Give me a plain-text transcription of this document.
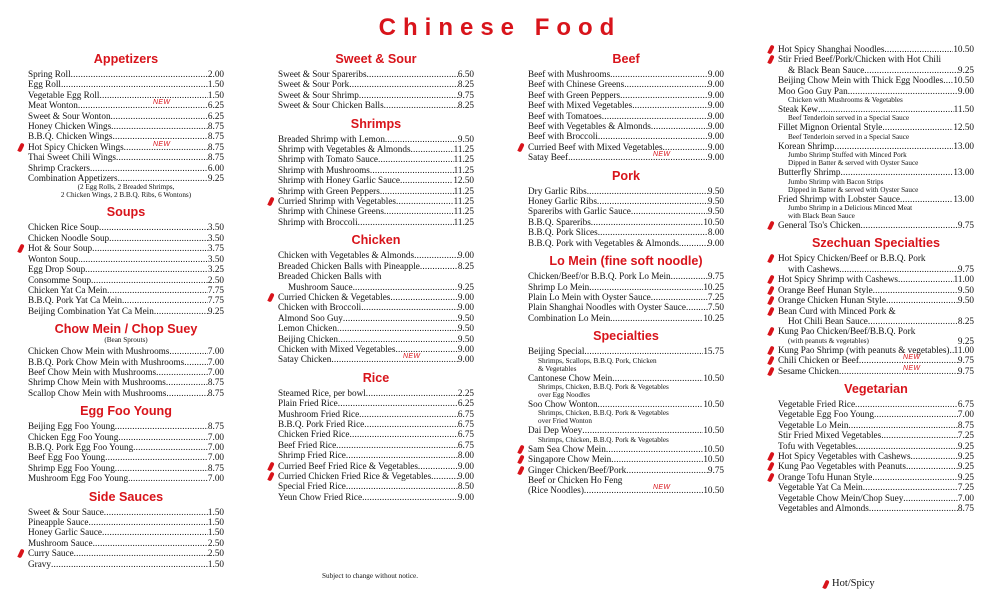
Chinese Food
Appetizers
Spring Roll .....	2.00
Egg Roll .....	1.50
Vegetable Egg Roll .....	1.50
Meat Wonton .....	6.25
NEW
Sweet & Sour Wonton .....	6.25
Honey Chicken Wings .....	8.75
B.B.Q. Chicken Wings .....	8.75
Hot Spicy Chicken Wings .....	8.75
NEW
Thai Sweet Chili Wings .....	8.75
Shrimp Crackers .....	6.00
Combination Appetizers .....	9.25
(2 Egg Rolls, 2 Breaded Shrimps,
2 Chicken Wings, 2 B.B.Q. Ribs, 6 Wontons)
Soups
Chicken Rice Soup .....	3.50
Chicken Noodle Soup .....	3.50
Hot & Sour Soup .....	3.75
Wonton Soup .....	3.50
Egg Drop Soup .....	3.25
Consomme Soup .....	2.50
Chicken Yat Ca Mein .....	7.75
B.B.Q. Pork Yat Ca Mein .....	7.75
Beijing Combination Yat Ca Mein .....	9.25
Chow Mein / Chop Suey
(Bean Sprouts)
Chicken Chow Mein with Mushrooms .....	7.00
B.B.Q. Pork Chow Mein with Mushrooms .....	7.00
Beef Chow Mein with Mushrooms .....	7.00
Shrimp Chow Mein with Mushrooms .....	8.75
Scallop Chow Mein with Mushrooms .....	8.75
Egg Foo Young
Beijing Egg Foo Young .....	8.75
Chicken Egg Foo Young .....	7.00
B.B.Q. Pork Egg Foo Young .....	7.00
Beef Egg Foo Young .....	7.00
Shrimp Egg Foo Young .....	8.75
Mushroom Egg Foo Young .....	7.00
Side Sauces
Sweet & Sour Sauce .....	1.50
Pineapple Sauce .....	1.50
Honey Garlic Sauce .....	1.50
Mushroom Sauce .....	2.50
Curry Sauce .....	2.50
Gravy .....	1.50
Sweet & Sour
Sweet & Sour Spareribs .....	6.50
Sweet & Sour Pork .....	8.25
Sweet & Sour Shrimp .....	9.75
Sweet & Sour Chicken Balls .....	8.25
Shrimps
Breaded Shrimp with Lemon .....	9.50
Shrimp with Vegetables & Almonds .....	11.25
Shrimp with Tomato Sauce .....	11.25
Shrimp with Mushrooms .....	11.25
Shrimp with Honey Garlic Sauce .....	12.50
Shrimp with Green Peppers .....	11.25
Curried Shrimp with Vegetables .....	11.25
Shrimp with Chinese Greens .....	11.25
Shrimp with Broccoli .....	11.25
Chicken
Chicken with Vegetables & Almonds .....	9.00
Breaded Chicken Balls with Pineapple .....	8.25
Breaded Chicken Balls with
Mushroom Sauce .....	9.25
Curried Chicken & Vegetables .....	9.00
Chicken with Broccoli .....	9.00
Almond Soo Guy .....	9.50
Lemon Chicken .....	9.50
Beijing Chicken .....	9.50
Chicken with Mixed Vegetables .....	9.00
Satay Chicken .....	9.00
NEW
Rice
Steamed Rice, per bowl .....	2.25
Plain Fried Rice .....	6.25
Mushroom Fried Rice .....	6.75
B.B.Q. Pork Fried Rice .....	6.75
Chicken Fried Rice .....	6.75
Beef Fried Rice .....	6.75
Shrimp Fried Rice .....	8.00
Curried Beef Fried Rice & Vegetables .....	9.00
Curried Chicken Fried Rice & Vegetables .....	9.00
Special Fried Rice .....	8.50
Yeun Chow Fried Rice .....	9.00
Beef
Beef with Mushrooms .....	9.00
Beef with Chinese Greens .....	9.00
Beef with Green Peppers .....	9.00
Beef with Mixed Vegetables .....	9.00
Beef with Tomatoes .....	9.00
Beef with Vegetables & Almonds .....	9.00
Beef with Broccoli .....	9.00
Curried Beef with Mixed Vegetables .....	9.00
Satay Beef .....	9.00
NEW
Pork
Dry Garlic Ribs .....	9.50
Honey Garlic Ribs .....	9.50
Spareribs with Garlic Sauce .....	9.50
B.B.Q. Spareribs .....	10.50
B.B.Q. Pork Slices .....	8.00
B.B.Q. Pork with Vegetables & Almonds .....	9.00
Lo Mein (fine soft noodle)
Chicken/Beef/or B.B.Q. Pork Lo Mein .....	9.75
Shrimp Lo Mein .....	10.25
Plain Lo Mein with Oyster Sauce .....	7.25
Plain Shanghai Noodles with Oyster Sauce ..... 7.50
Combination Lo Mein .....	10.25
Specialties
Beijing Special .....	15.75
Shrimps, Scallops, B.B.Q. Pork, Chicken
& Vegetables
Cantonese Chow Mein .....	10.50
Shrimps, Chicken, B.B.Q. Pork & Vegetables
over Egg Noodles
Soo Chow Wonton .....	10.50
Shrimps, Chicken, B.B.Q. Pork & Vegetables
over Fried Wonton
Dai Dep Woey .....	10.50
Shrimps, Chicken, B.B.Q. Pork & Vegetables
Sam Sea Chow Mein .....	10.50
Singapore Chow Mein .....	10.50
Ginger Chicken/Beef/Pork .....	9.75
Beef or Chicken Ho Feng
(Rice Noodles) .....	10.50
NEW
Hot Spicy Shanghai Noodles .....	10.50
Stir Fried Beef/Pork/Chicken with Hot Chili
& Black Bean Sauce .....	9.25
Beijing Chow Mein with Thick Egg Noodles ..... 10.50
Moo Goo Guy Pan .....	9.00
Chicken with Mushrooms & Vegetables
Steak Kew .....	11.50
Beef Tenderloin served in a Special Sauce
Fillet Mignon Oriental Style .....	12.50
Beef Tenderloin served in a Special Sauce
Korean Shrimp .....	13.00
Jumbo Shrimp Stuffed with Minced Pork
Dipped in Batter & served with Oyster Sauce
Butterfly Shrimp .....	13.00
Jumbo Shrimp with Bacon Strips
Dipped in Batter & served with Oyster Sauce
Fried Shrimp with Lobster Sauce .....	13.00
Jumbo Shrimp in a Delicious Minced Meat
with Black Bean Sauce
General Tso's Chicken .....	9.75
Szechuan Specialties
Hot Spicy Chicken/Beef or B.B.Q. Pork
with Cashews .....	9.75
Hot Spicy Shrimp with Cashews .....	11.00
Orange Beef Hunan Style .....	9.50
Orange Chicken Hunan Style .....	9.50
Bean Curd with Minced Pork &
Hot Chili Bean Sauce .....	8.25
Kung Pao Chicken/Beef/B.B.Q. Pork
(with peanuts & vegetables)	9.25
Kung Pao Shrimp (with peanuts & vegetables) ..... 11.00
Chili Chicken or Beef .....	9.75
NEW
Sesame Chicken .....	9.75
NEW
Vegetarian
Vegetable Fried Rice .....	6.75
Vegetable Egg Foo Young .....	7.00
Vegetable Lo Mein .....	8.75
Stir Fried Mixed Vegetables .....	7.25
Tofu with Vegetables .....	9.25
Hot Spicy Vegetables with Cashews .....	9.25
Kung Pao Vegetables with Peanuts .....	9.25
Orange Tofu Hunan Style .....	9.25
Vegetable Yat Ca Mein .....	7.25
Vegetable Chow Mein/Chop Suey .....	7.00
Vegetables and Almonds .....	8.75
Subject to change without notice.
Hot/Spicy
